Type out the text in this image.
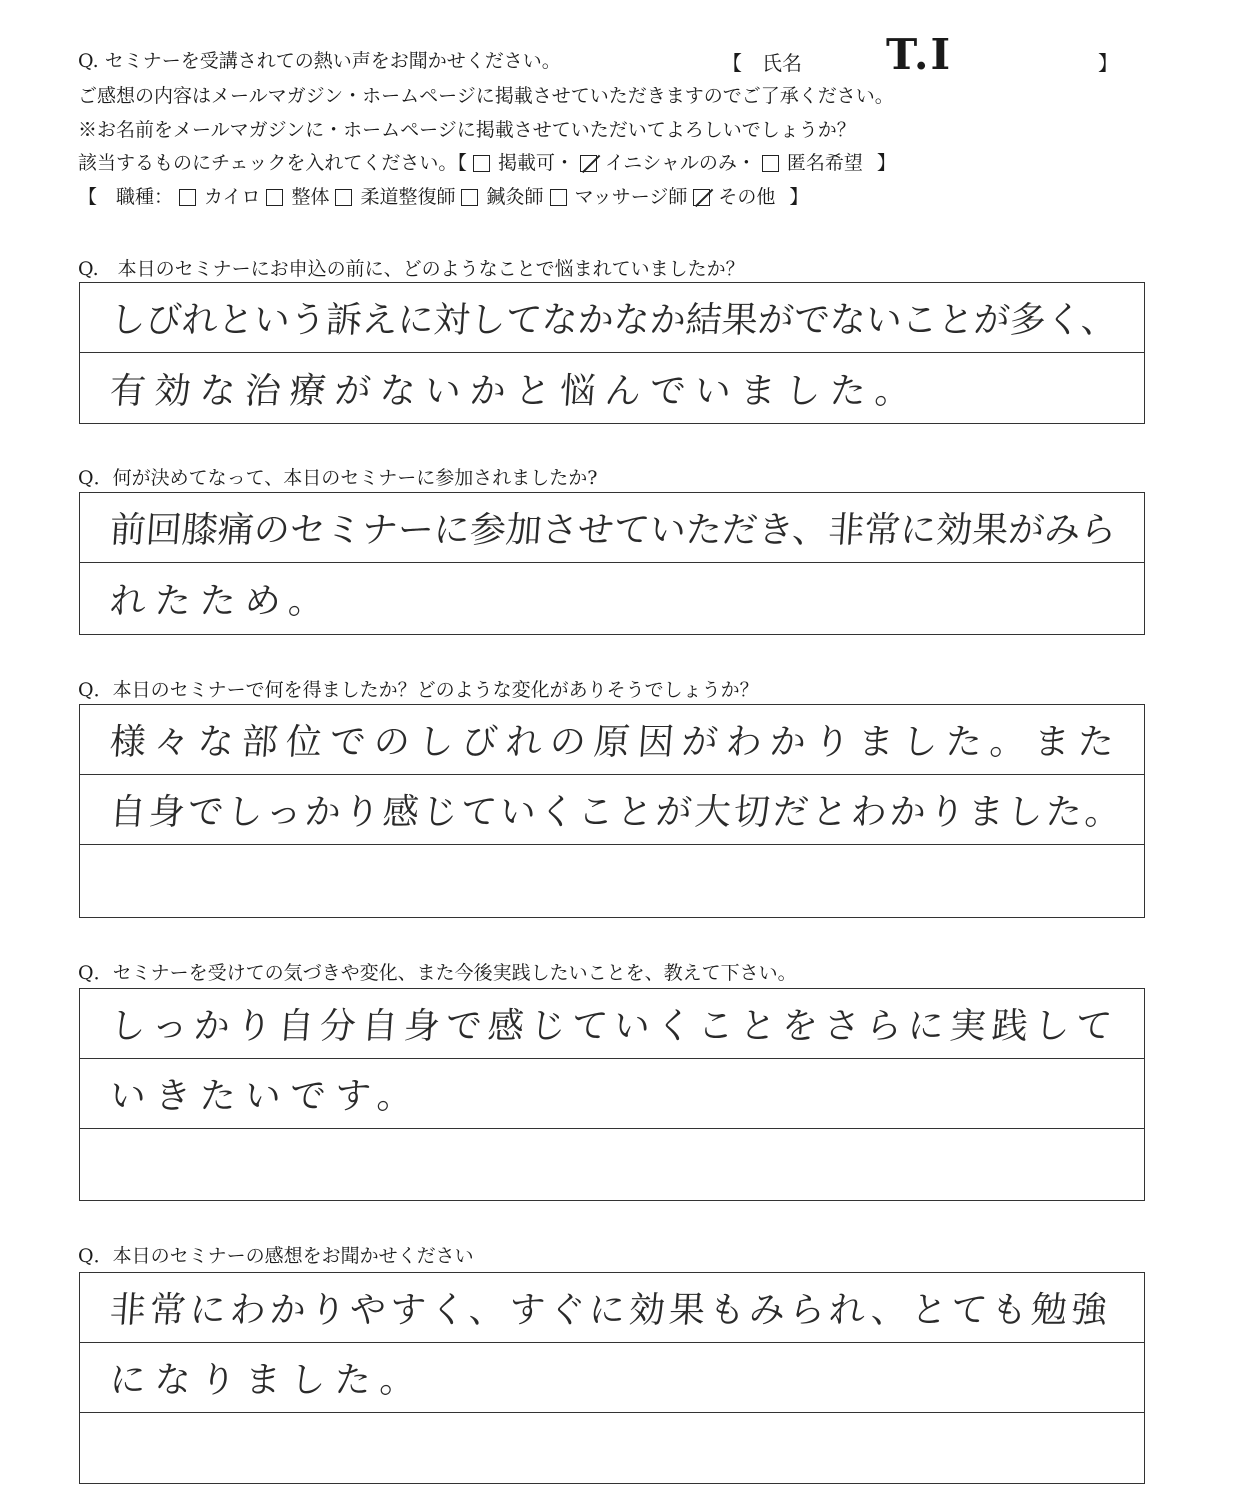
Q. セミナーを受講されての熱い声をお聞かせください。	【　氏名 T.I	】
ご感想の内容はメールマガジン・ホームページに掲載させていただきますのでご了承ください。
※お名前をメールマガジンに・ホームページに掲載させていただいてよろしいでしょうか？
該当するものにチェックを入れてください。【 掲載可・ イニシャルのみ・ 匿名希望 】
【　職種： カイロ 整体 柔道整復師 鍼灸師 マッサージ師 その他 】
Q.　本日のセミナーにお申込の前に、どのようなことで悩まれていましたか？
しびれという訴えに対してなかなか結果がでないことが多く、
有効な治療がないかと悩んでいました。
Q．何が決めてなって、本日のセミナーに参加されましたか?
前回膝痛のセミナーに参加させていただき、非常に効果がみら
れたため。
Q．本日のセミナーで何を得ましたか？どのような変化がありそうでしょうか？
様々な部位でのしびれの原因がわかりました。また
自身でしっかり感じていくことが大切だとわかりました。
Q．セミナーを受けての気づきや変化、また今後実践したいことを、教えて下さい。
しっかり自分自身で感じていくことをさらに実践して
いきたいです。
Q．本日のセミナーの感想をお聞かせください
非常にわかりやすく、すぐに効果もみられ、とても勉強
になりました。
